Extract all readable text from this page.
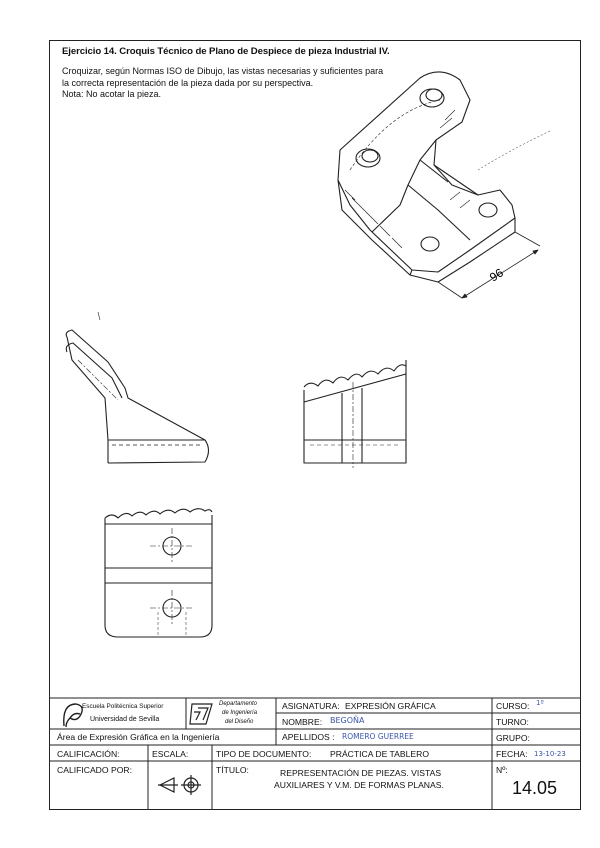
Ejercicio 14. Croquis Técnico de Plano de Despiece de pieza Industrial IV.
Croquizar, según Normas ISO de Dibujo, las vistas necesarias y suficientes para
la correcta representación de la pieza dada por su perspectiva.
Nota: No acotar la pieza.
96
Escuela Politécnica Superior
Universidad de Sevilla
Departamento
de Ingeniería
del Diseño
Área de Expresión Gráfica en la Ingeniería
ASIGNATURA: EXPRESIÓN GRÁFICA	CURSO: 1º
NOMBRE: BEGOÑA	TURNO:
APELLIDOS : ROMERO GUERREE	GRUPO:
CALIFICACIÓN:	ESCALA:	TIPO DE DOCUMENTO: PRÁCTICA DE TABLERO	FECHA: 13-10-23
CALIFICADO POR:	TÍTULO:	REPRESENTACIÓN DE PIEZAS. VISTAS
AUXILIARES Y V.M. DE FORMAS PLANAS.
Nº:
14.05
